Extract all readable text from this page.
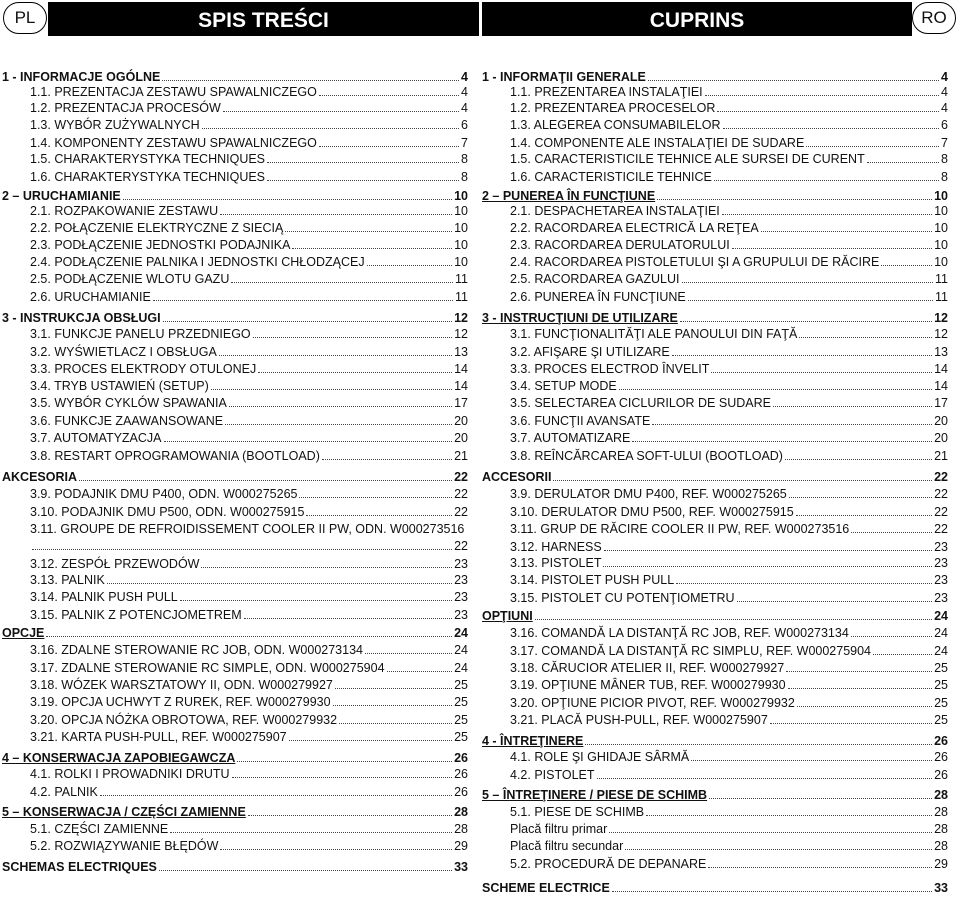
PL	SPIS TREŚCI	CUPRINS	RO
1 - INFORMACJE OGÓLNE	4
1.1. PREZENTACJA ZESTAWU SPAWALNICZEGO	4
1.2. PREZENTACJA PROCESÓW	4
1.3. WYBÓR ZUŻYWALNYCH	6
1.4. KOMPONENTY ZESTAWU SPAWALNICZEGO	7
1.5. CHARAKTERYSTYKA TECHNIQUES	8
1.6. CHARAKTERYSTYKA TECHNIQUES	8
2 – URUCHAMIANIE	10
2.1. ROZPAKOWANIE ZESTAWU	10
2.2. POŁĄCZENIE ELEKTRYCZNE Z SIECIĄ	10
2.3. PODŁĄCZENIE JEDNOSTKI PODAJNIKA	10
2.4. PODŁĄCZENIE PALNIKA I JEDNOSTKI CHŁODZĄCEJ	10
2.5. PODŁĄCZENIE WLOTU GAZU	11
2.6. URUCHAMIANIE	11
3 - INSTRUKCJA OBSŁUGI	12
3.1. FUNKCJE PANELU PRZEDNIEGO	12
3.2. WYŚWIETLACZ I OBSŁUGA	13
3.3. PROCES ELEKTRODY OTULONEJ	14
3.4. TRYB USTAWIEŃ (SETUP)	14
3.5. WYBÓR CYKLÓW SPAWANIA	17
3.6. FUNKCJE ZAAWANSOWANE	20
3.7. AUTOMATYZACJA	20
3.8. RESTART OPROGRAMOWANIA (BOOTLOAD)	21
AKCESORIA	22
3.9. PODAJNIK DMU P400, ODN. W000275265	22
3.10. PODAJNIK DMU P500, ODN. W000275915	22
3.11. GROUPE DE REFROIDISSEMENT COOLER II PW, ODN. W000273516
22
3.12. ZESPÓŁ PRZEWODÓW	23
3.13. PALNIK	23
3.14. PALNIK PUSH PULL	23
3.15. PALNIK Z POTENCJOMETREM	23
OPCJE	24
3.16. ZDALNE STEROWANIE RC JOB, ODN. W000273134	24
3.17. ZDALNE STEROWANIE RC SIMPLE, ODN. W000275904	24
3.18. WÓZEK WARSZTATOWY II, ODN. W000279927	25
3.19. OPCJA UCHWYT Z RUREK, REF. W000279930	25
3.20. OPCJA NÓŻKA OBROTOWA, REF. W000279932	25
3.21. KARTA PUSH-PULL, REF. W000275907	25
4 – KONSERWACJA ZAPOBIEGAWCZA	26
4.1. ROLKI I PROWADNIKI DRUTU	26
4.2. PALNIK	26
5 – KONSERWACJA / CZĘŚCI ZAMIENNE	28
5.1. CZĘŚCI ZAMIENNE	28
5.2. ROZWIĄZYWANIE BŁĘDÓW	29
SCHEMAS ELECTRIQUES	33
1 - INFORMAŢII GENERALE	4
1.1. PREZENTAREA INSTALAŢIEI	4
1.2. PREZENTAREA PROCESELOR	4
1.3. ALEGEREA CONSUMABILELOR	6
1.4. COMPONENTE ALE INSTALAŢIEI DE SUDARE	7
1.5. CARACTERISTICILE TEHNICE ALE SURSEI DE CURENT	8
1.6. CARACTERISTICILE TEHNICE	8
2 – PUNEREA ÎN FUNCŢIUNE	10
2.1. DESPACHETAREA INSTALAŢIEI	10
2.2. RACORDAREA ELECTRICĂ LA REŢEA	10
2.3. RACORDAREA DERULATORULUI	10
2.4. RACORDAREA PISTOLETULUI ŞI A GRUPULUI DE RĂCIRE	10
2.5. RACORDAREA GAZULUI	11
2.6. PUNEREA ÎN FUNCŢIUNE	11
3 - INSTRUCŢIUNI DE UTILIZARE	12
3.1. FUNCŢIONALITĂŢI ALE PANOULUI DIN FAŢĂ	12
3.2. AFIŞARE ŞI UTILIZARE	13
3.3. PROCES ELECTROD ÎNVELIT	14
3.4. SETUP MODE	14
3.5. SELECTAREA CICLURILOR DE SUDARE	17
3.6. FUNCŢII AVANSATE	20
3.7. AUTOMATIZARE	20
3.8. REÎNCĂRCAREA SOFT-ULUI (BOOTLOAD)	21
ACCESORII	22
3.9. DERULATOR DMU P400, REF. W000275265	22
3.10. DERULATOR DMU P500, REF. W000275915	22
3.11. GRUP DE RĂCIRE COOLER II PW, REF. W000273516	22
3.12. HARNESS	23
3.13. PISTOLET	23
3.14. PISTOLET PUSH PULL	23
3.15. PISTOLET CU POTENŢIOMETRU	23
OPŢIUNI	24
3.16. COMANDĂ LA DISTANŢĂ RC JOB, REF. W000273134	24
3.17. COMANDĂ LA DISTANŢĂ RC SIMPLU, REF. W000275904	24
3.18. CĂRUCIOR ATELIER II, REF. W000279927	25
3.19. OPŢIUNE MÂNER TUB, REF. W000279930	25
3.20. OPŢIUNE PICIOR PIVOT, REF. W000279932	25
3.21. PLACĂ PUSH-PULL, REF. W000275907	25
4 - ÎNTREŢINERE	26
4.1. ROLE ŞI GHIDAJE SÂRMĂ	26
4.2. PISTOLET	26
5 – ÎNTREŢINERE / PIESE DE SCHIMB	28
5.1. PIESE DE SCHIMB	28
Placă filtru primar	28
Placă filtru secundar	28
5.2. PROCEDURĂ DE DEPANARE	29
SCHEME ELECTRICE	33
